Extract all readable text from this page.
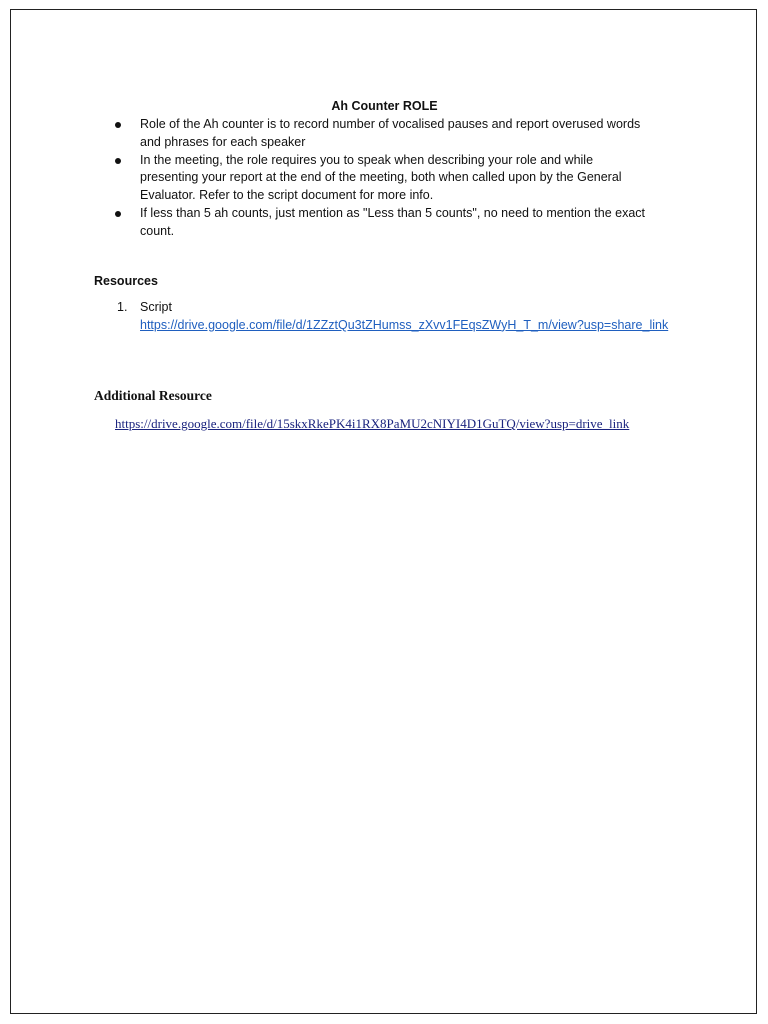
Ah Counter ROLE
Role of the Ah counter is to record number of vocalised pauses and report overused words and phrases for each speaker
In the meeting, the role requires you to speak when describing your role and while presenting your report at the end of the meeting, both when called upon by the General Evaluator. Refer to the script document for more info.
If less than 5 ah counts, just mention as "Less than 5 counts", no need to mention the exact count.
Resources
1. Script
https://drive.google.com/file/d/1ZZztQu3tZHumss_zXvv1FEqsZWyH_T_m/view?usp=share_link
Additional Resource
https://drive.google.com/file/d/15skxRkePK4i1RX8PaMU2cNIYI4D1GuTQ/view?usp=drive_link
